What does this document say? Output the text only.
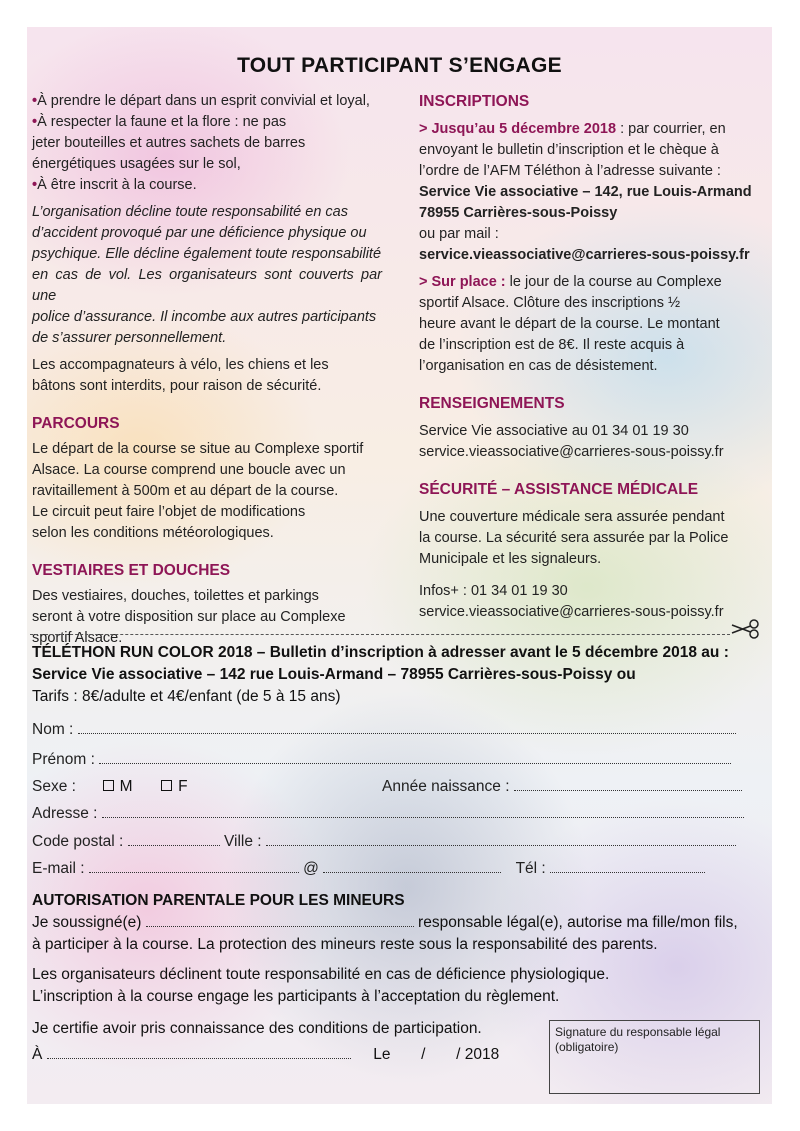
TOUT PARTICIPANT S’ENGAGE

•À prendre le départ dans un esprit convivial et loyal,

•À respecter la faune et la flore : ne pas

jeter bouteilles et autres sachets de barres

énergétiques usagées sur le sol,

•À être inscrit à la course.

L’organisation décline toute responsabilité en cas

d’accident provoqué par une déficience physique ou

psychique. Elle décline également toute responsabilité

en cas de vol. Les organisateurs sont couverts par une

police d’assurance. Il incombe aux autres participants

de s’assurer personnellement.

Les accompagnateurs à vélo, les chiens et les

bâtons sont interdits, pour raison de sécurité.

PARCOURS

Le départ de la course se situe au Complexe sportif

Alsace. La course comprend une boucle avec un

ravitaillement à 500m et au départ de la course.

Le circuit peut faire l’objet de modifications

selon les conditions météorologiques.

VESTIAIRES ET DOUCHES

Des vestiaires, douches, toilettes et parkings

seront à votre disposition sur place au Complexe

sportif Alsace.

INSCRIPTIONS

> Jusqu’au 5 décembre 2018 : par courrier, en

envoyant le bulletin d’inscription et le chèque à

l’ordre de l’AFM Téléthon à l’adresse suivante :

Service Vie associative – 142, rue Louis-Armand

78955 Carrières-sous-Poissy

ou par mail :

service.vieassociative@carrieres-sous-poissy.fr

> Sur place : le jour de la course au Complexe

sportif Alsace. Clôture des inscriptions ½

heure avant le départ de la course. Le montant

de l’inscription est de 8€. Il reste acquis à

l’organisation en cas de désistement.

RENSEIGNEMENTS

Service Vie associative au 01 34 01 19 30

service.vieassociative@carrieres-sous-poissy.fr

SÉCURITÉ – ASSISTANCE MÉDICALE

Une couverture médicale sera assurée pendant

la course. La sécurité sera assurée par la Police

Municipale et les signaleurs.

Infos+ : 01 34 01 19 30

service.vieassociative@carrieres-sous-poissy.fr

TÉLÉTHON RUN COLOR 2018 – Bulletin d’inscription à adresser avant le 5 décembre 2018 au :
Service Vie associative – 142 rue Louis-Armand – 78955 Carrières-sous-Poissy ou
Tarifs : 8€/adulte et 4€/enfant (de 5 à 15 ans)
Nom :
Prénom :
Sexe :	M	F	Année naissance :
Adresse :
Code postal :	Ville :
E-mail :	@	Tél :
AUTORISATION PARENTALE POUR LES MINEURS
Je soussigné(e)	responsable légal(e), autorise ma fille/mon fils,
à participer à la course. La protection des mineurs reste sous la responsabilité des parents.
Les organisateurs déclinent toute responsabilité en cas de déficience physiologique.
L’inscription à la course engage les participants à l’acceptation du règlement.
Je certifie avoir pris connaissance des conditions de participation.
À	Le / / 2018
Signature du responsable légal
(obligatoire)
